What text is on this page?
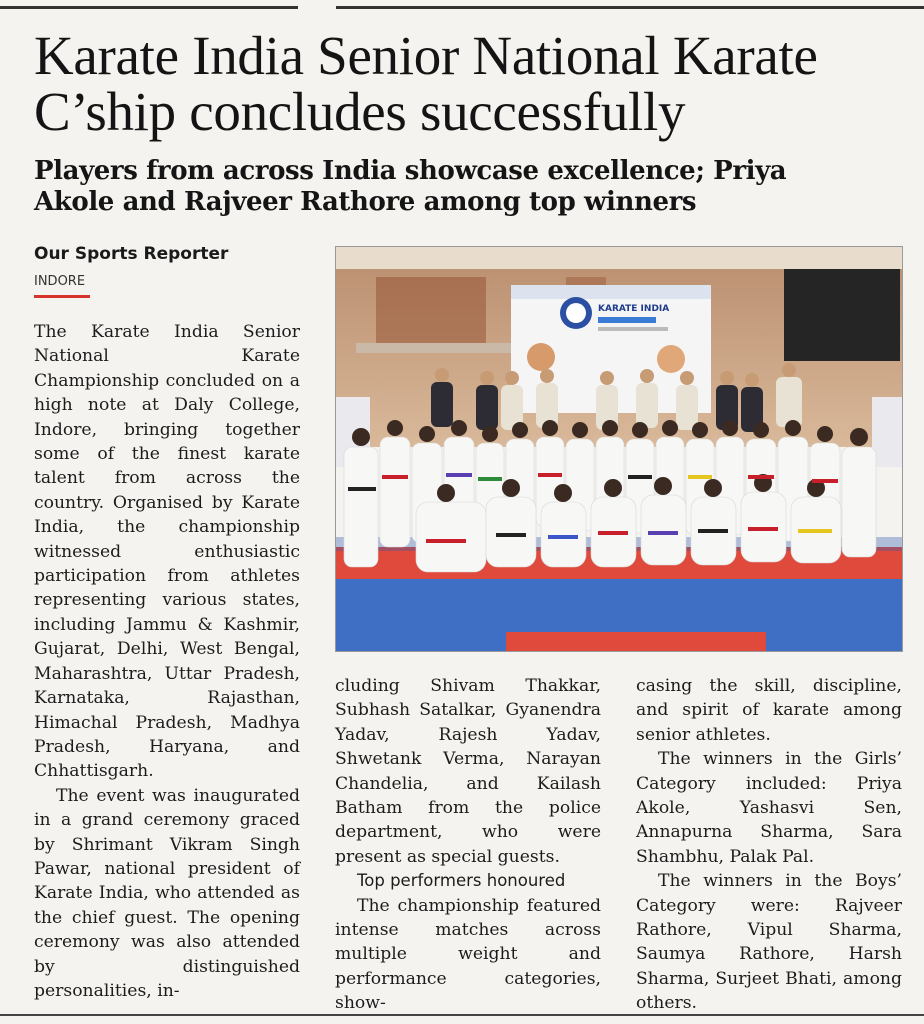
Karate India Senior National Karate
C’ship concludes successfully
Players from across India showcase excellence; Priya
Akole and Rajveer Rathore among top winners
Our Sports Reporter
INDORE

The Karate India Senior National Karate Championship concluded on a high note at Daly College, Indore, bringing together some of the finest karate talent from across the country. Organised by Karate India, the championship witnessed enthusiastic participation from athletes representing various states, including Jammu & Kashmir, Gujarat, Delhi, West Bengal, Maharashtra, Uttar Pradesh, Karnataka, Rajasthan, Himachal Pradesh, Madhya Pradesh, Haryana, and Chhattisgarh.

The event was inaugurated in a grand ceremony graced by Shrimant Vikram Singh Pawar, national president of Karate India, who attended as the chief guest. The opening ceremony was also attended by distinguished personalities, in-

KARATE INDIA

cluding Shivam Thakkar, Subhash Satalkar, Gyanendra Yadav, Rajesh Yadav, Shwetank Verma, Narayan Chandelia, and Kailash Batham from the police department, who were present as special guests.

Top performers honoured

The championship featured intense matches across multiple weight and performance categories, show-

casing the skill, discipline, and spirit of karate among senior athletes.

The winners in the Girls’ Category included: Priya Akole, Yashasvi Sen, Annapurna Sharma, Sara Shambhu, Palak Pal.

The winners in the Boys’ Category were: Rajveer Rathore, Vipul Sharma, Saumya Rathore, Harsh Sharma, Surjeet Bhati, among others.
